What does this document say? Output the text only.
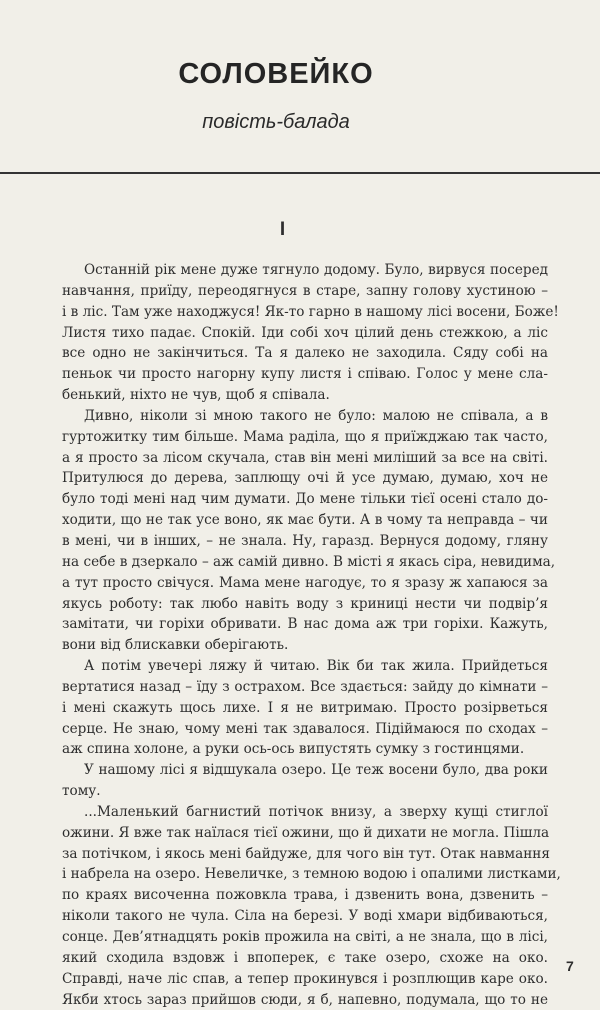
СОЛОВЕЙКО
повість-балада
I
Останній рік мене дуже тягнуло додому. Було, вирвуся посеред
навчання, приїду, переодягнуся в старе, запну голову хустиною –
і в ліс. Там уже находжуся! Як-то гарно в нашому лісі восени, Боже!
Листя тихо падає. Спокій. Іди собі хоч цілий день стежкою, а ліс
все одно не закінчиться. Та я далеко не заходила. Сяду собі на
пеньок чи просто нагорну купу листя і співаю. Голос у мене сла-
бенький, ніхто не чув, щоб я співала.
Дивно, ніколи зі мною такого не було: малою не співала, а в
гуртожитку тим більше. Мама раділа, що я приїжджаю так часто,
а я просто за лісом скучала, став він мені миліший за все на світі.
Притулюся до дерева, заплющу очі й усе думаю, думаю, хоч не
було тоді мені над чим думати. До мене тільки тієї осені стало до-
ходити, що не так усе воно, як має бути. А в чому та неправда – чи
в мені, чи в інших, – не знала. Ну, гаразд. Вернуся додому, гляну
на себе в дзеркало – аж самій дивно. В місті я якась сіра, невидима,
а тут просто свічуся. Мама мене нагодує, то я зразу ж хапаюся за
якусь роботу: так любо навіть воду з криниці нести чи подвір’я
замітати, чи горіхи обривати. В нас дома аж три горіхи. Кажуть,
вони від блискавки оберігають.
А потім увечері ляжу й читаю. Вік би так жила. Прийдеться
вертатися назад – їду з острахом. Все здається: зайду до кімнати –
і мені скажуть щось лихе. І я не витримаю. Просто розірветься
серце. Не знаю, чому мені так здавалося. Підіймаюся по сходах –
аж спина холоне, а руки ось-ось випустять сумку з гостинцями.
У нашому лісі я відшукала озеро. Це теж восени було, два роки
тому.
...Маленький багнистий потічок внизу, а зверху кущі стиглої
ожини. Я вже так наїлася тієї ожини, що й дихати не могла. Пішла
за потічком, і якось мені байдуже, для чого він тут. Отак навмання
і набрела на озеро. Невеличке, з темною водою і опалими листками,
по краях височенна пожовкла трава, і дзвенить вона, дзвенить –
ніколи такого не чула. Сіла на березі. У воді хмари відбиваються,
сонце. Дев’ятнадцять років прожила на світі, а не знала, що в лісі,
який сходила вздовж і впоперек, є таке озеро, схоже на око.
Справді, наче ліс спав, а тепер прокинувся і розплющив каре око.
Якби хтось зараз прийшов сюди, я б, напевно, подумала, що то не
7
